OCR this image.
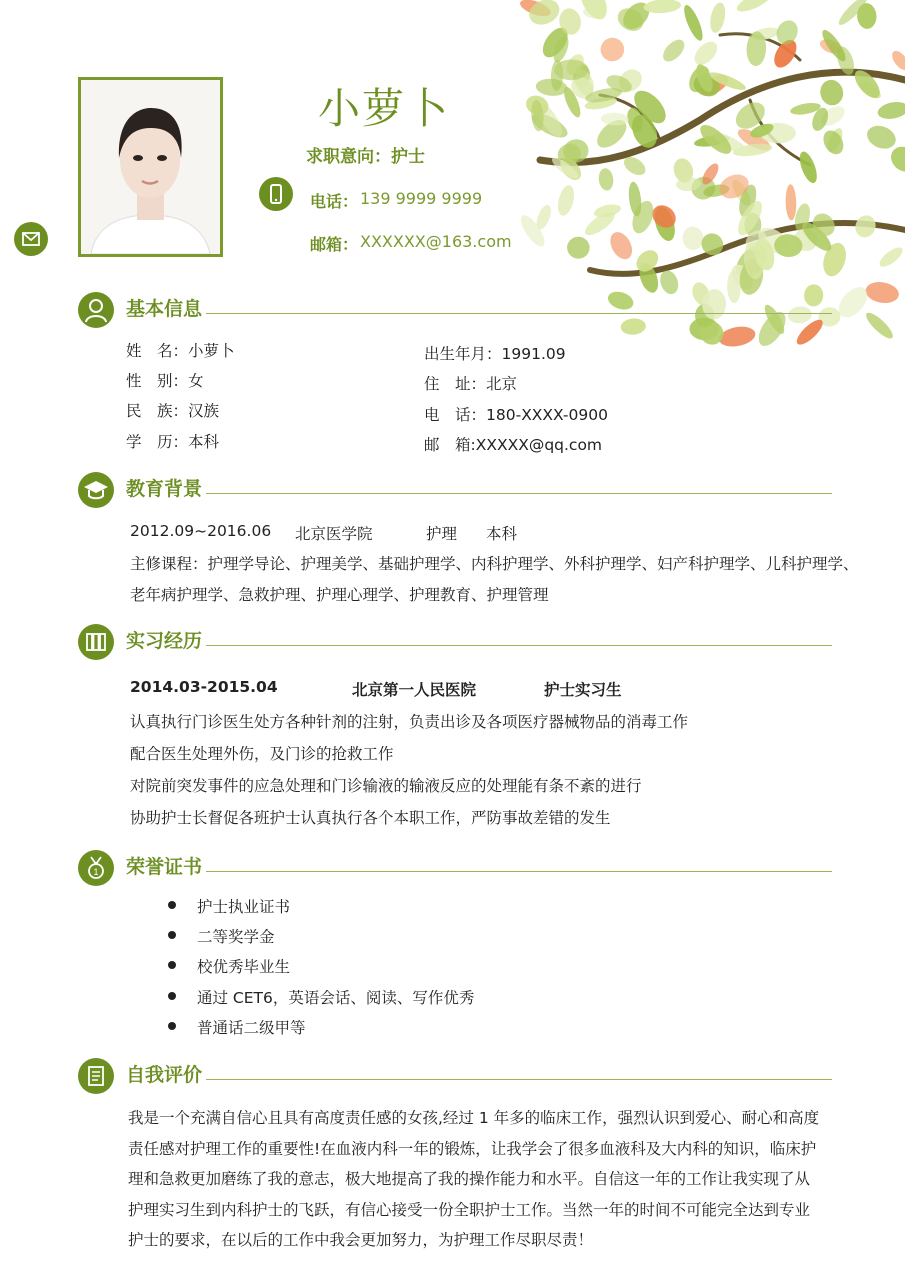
小萝卜
求职意向：护士
电话： 139 9999 9999
邮箱： XXXXXX@163.com
基本信息
姓　名：小萝卜
性　别：女
民　族：汉族
学　历：本科
出生年月：1991.09
住　址：北京
电　话：180-XXXX-0900
邮　箱:XXXXX@qq.com
教育背景
2012.09~2016.06 北京医学院	护理 本科
主修课程：护理学导论、护理美学、基础护理学、内科护理学、外科护理学、妇产科护理学、儿科护理学、
老年病护理学、急救护理、护理心理学、护理教育、护理管理
实习经历
2014.03-2015.04	北京第一人民医院	护士实习生
认真执行门诊医生处方各种针剂的注射，负责出诊及各项医疗器械物品的消毒工作
配合医生处理外伤，及门诊的抢救工作
对院前突发事件的应急处理和门诊输液的输液反应的处理能有条不紊的进行
协助护士长督促各班护士认真执行各个本职工作，严防事故差错的发生
1 荣誉证书
护士执业证书
二等奖学金
校优秀毕业生
通过 CET6，英语会话、阅读、写作优秀
普通话二级甲等
自我评价
我是一个充满自信心且具有高度责任感的女孩,经过 1 年多的临床工作，强烈认识到爱心、耐心和高度
责任感对护理工作的重要性!在血液内科一年的锻炼，让我学会了很多血液科及大内科的知识，临床护
理和急救更加磨练了我的意志，极大地提高了我的操作能力和水平。自信这一年的工作让我实现了从
护理实习生到内科护士的飞跃，有信心接受一份全职护士工作。当然一年的时间不可能完全达到专业
护士的要求，在以后的工作中我会更加努力，为护理工作尽职尽责！
